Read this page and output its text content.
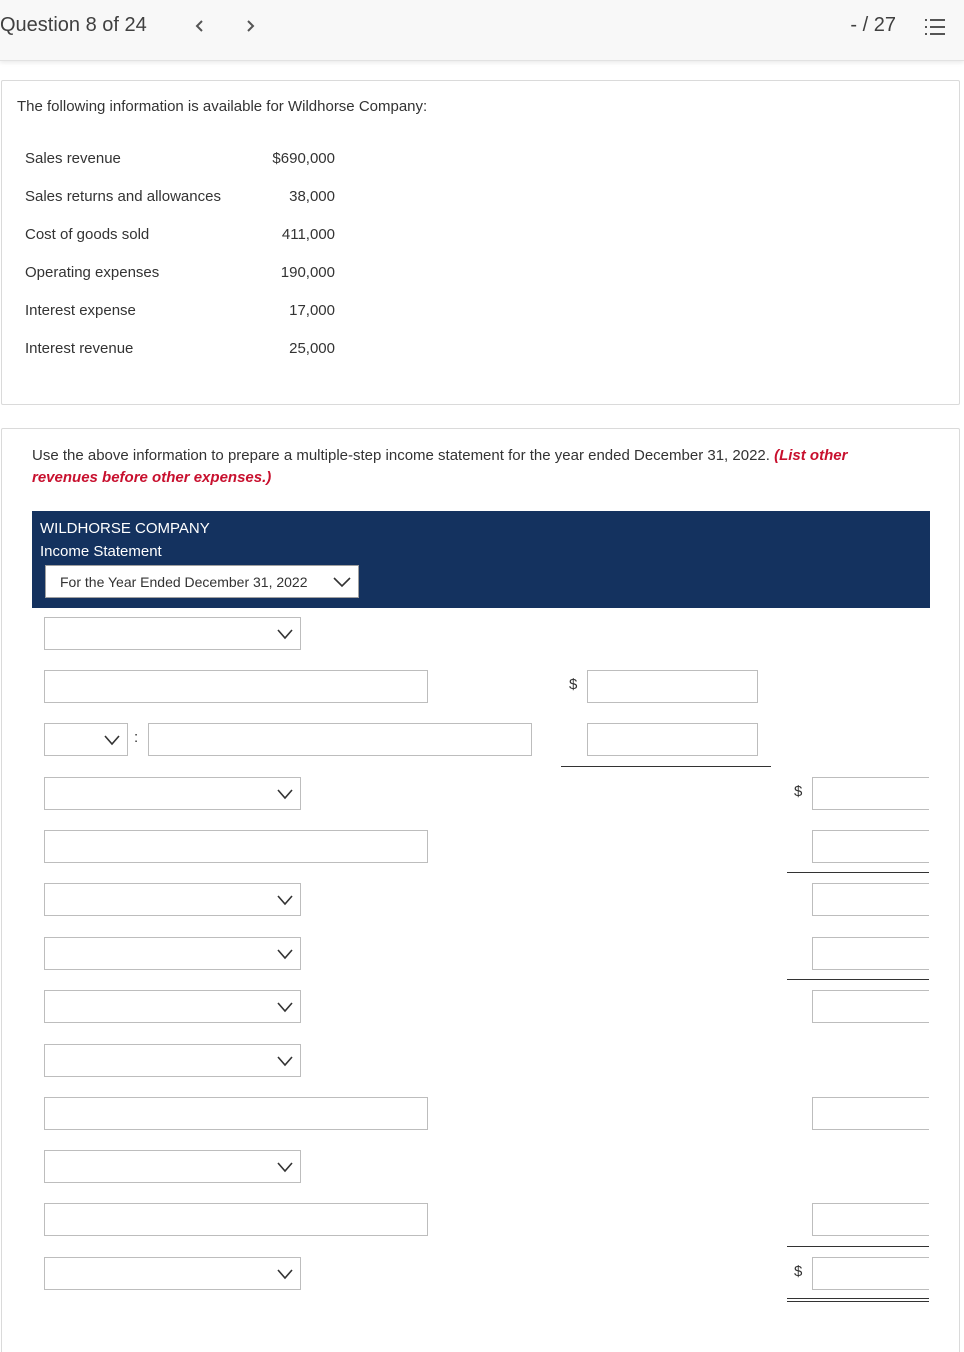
Question 8 of 24	- / 27
The following information is available for Wildhorse Company:
Sales revenue	$690,000
Sales returns and allowances	38,000
Cost of goods sold	411,000
Operating expenses	190,000
Interest expense	17,000
Interest revenue	25,000
Use the above information to prepare a multiple-step income statement for the year ended December 31, 2022. (List other revenues before other expenses.)
WILDHORSE COMPANY
Income Statement
For the Year Ended December 31, 2022
$
:
$
$
